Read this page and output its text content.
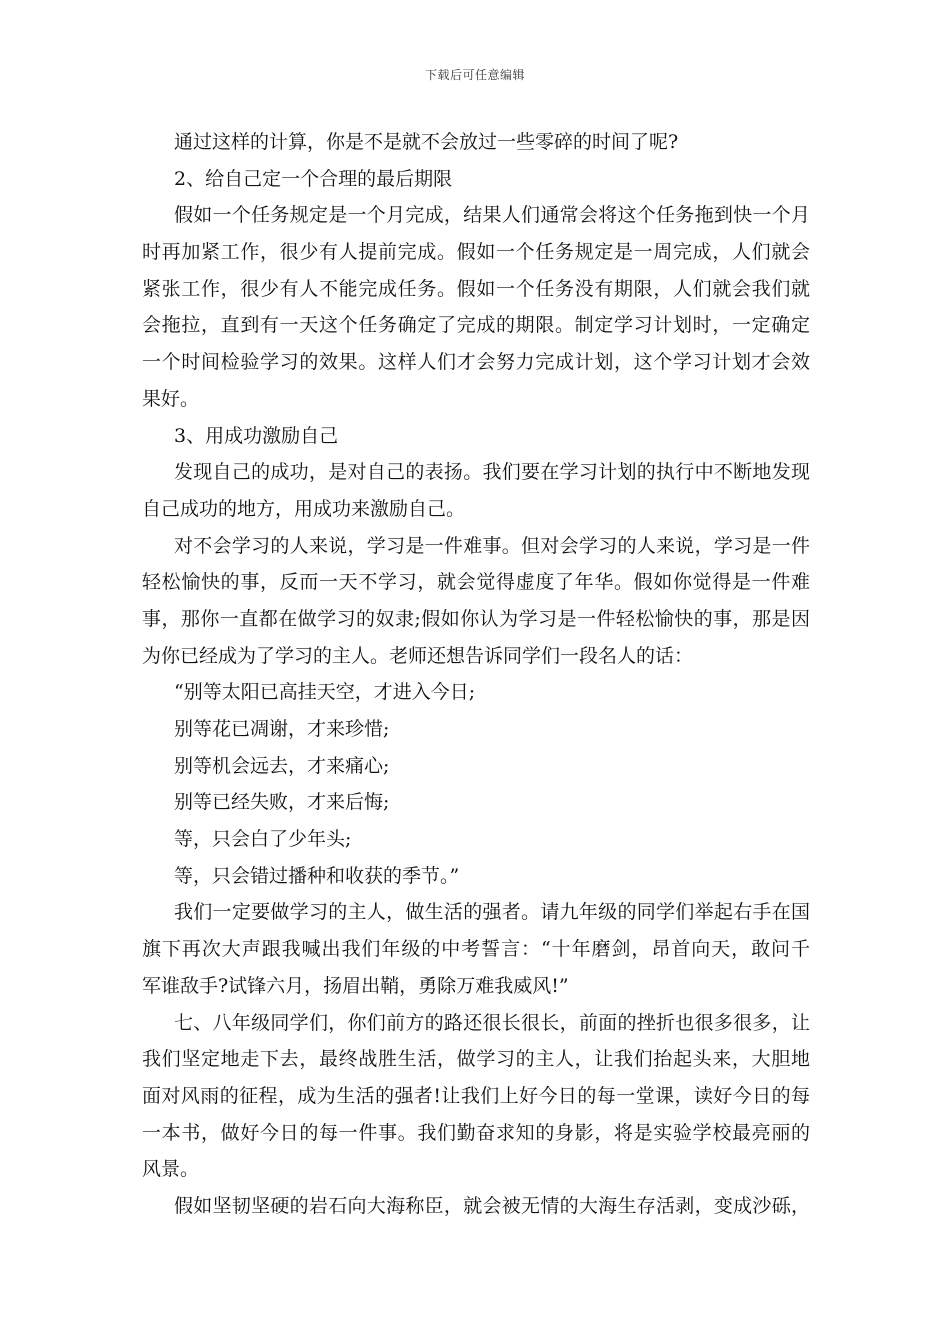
下载后可任意编辑
通过这样的计算，你是不是就不会放过一些零碎的时间了呢?
2、给自己定一个合理的最后期限
假如一个任务规定是一个月完成，结果人们通常会将这个任务拖到快一个月
时再加紧工作，很少有人提前完成。假如一个任务规定是一周完成，人们就会
紧张工作，很少有人不能完成任务。假如一个任务没有期限，人们就会我们就
会拖拉，直到有一天这个任务确定了完成的期限。制定学习计划时，一定确定
一个时间检验学习的效果。这样人们才会努力完成计划，这个学习计划才会效
果好。
3、用成功激励自己
发现自己的成功，是对自己的表扬。我们要在学习计划的执行中不断地发现
自己成功的地方，用成功来激励自己。
对不会学习的人来说，学习是一件难事。但对会学习的人来说，学习是一件
轻松愉快的事，反而一天不学习，就会觉得虚度了年华。假如你觉得是一件难
事，那你一直都在做学习的奴隶;假如你认为学习是一件轻松愉快的事，那是因
为你已经成为了学习的主人。老师还想告诉同学们一段名人的话：
“别等太阳已高挂天空，才进入今日;
别等花已凋谢，才来珍惜;
别等机会远去，才来痛心;
别等已经失败，才来后悔;
等，只会白了少年头;
等，只会错过播种和收获的季节。”
我们一定要做学习的主人，做生活的强者。请九年级的同学们举起右手在国
旗下再次大声跟我喊出我们年级的中考誓言：“十年磨剑，昂首向天，敢问千
军谁敌手?试锋六月，扬眉出鞘，勇除万难我威风!”
七、八年级同学们，你们前方的路还很长很长，前面的挫折也很多很多，让
我们坚定地走下去，最终战胜生活，做学习的主人，让我们抬起头来，大胆地
面对风雨的征程，成为生活的强者!让我们上好今日的每一堂课，读好今日的每
一本书，做好今日的每一件事。我们勤奋求知的身影，将是实验学校最亮丽的
风景。
假如坚韧坚硬的岩石向大海称臣，就会被无情的大海生存活剥，变成沙砾，
